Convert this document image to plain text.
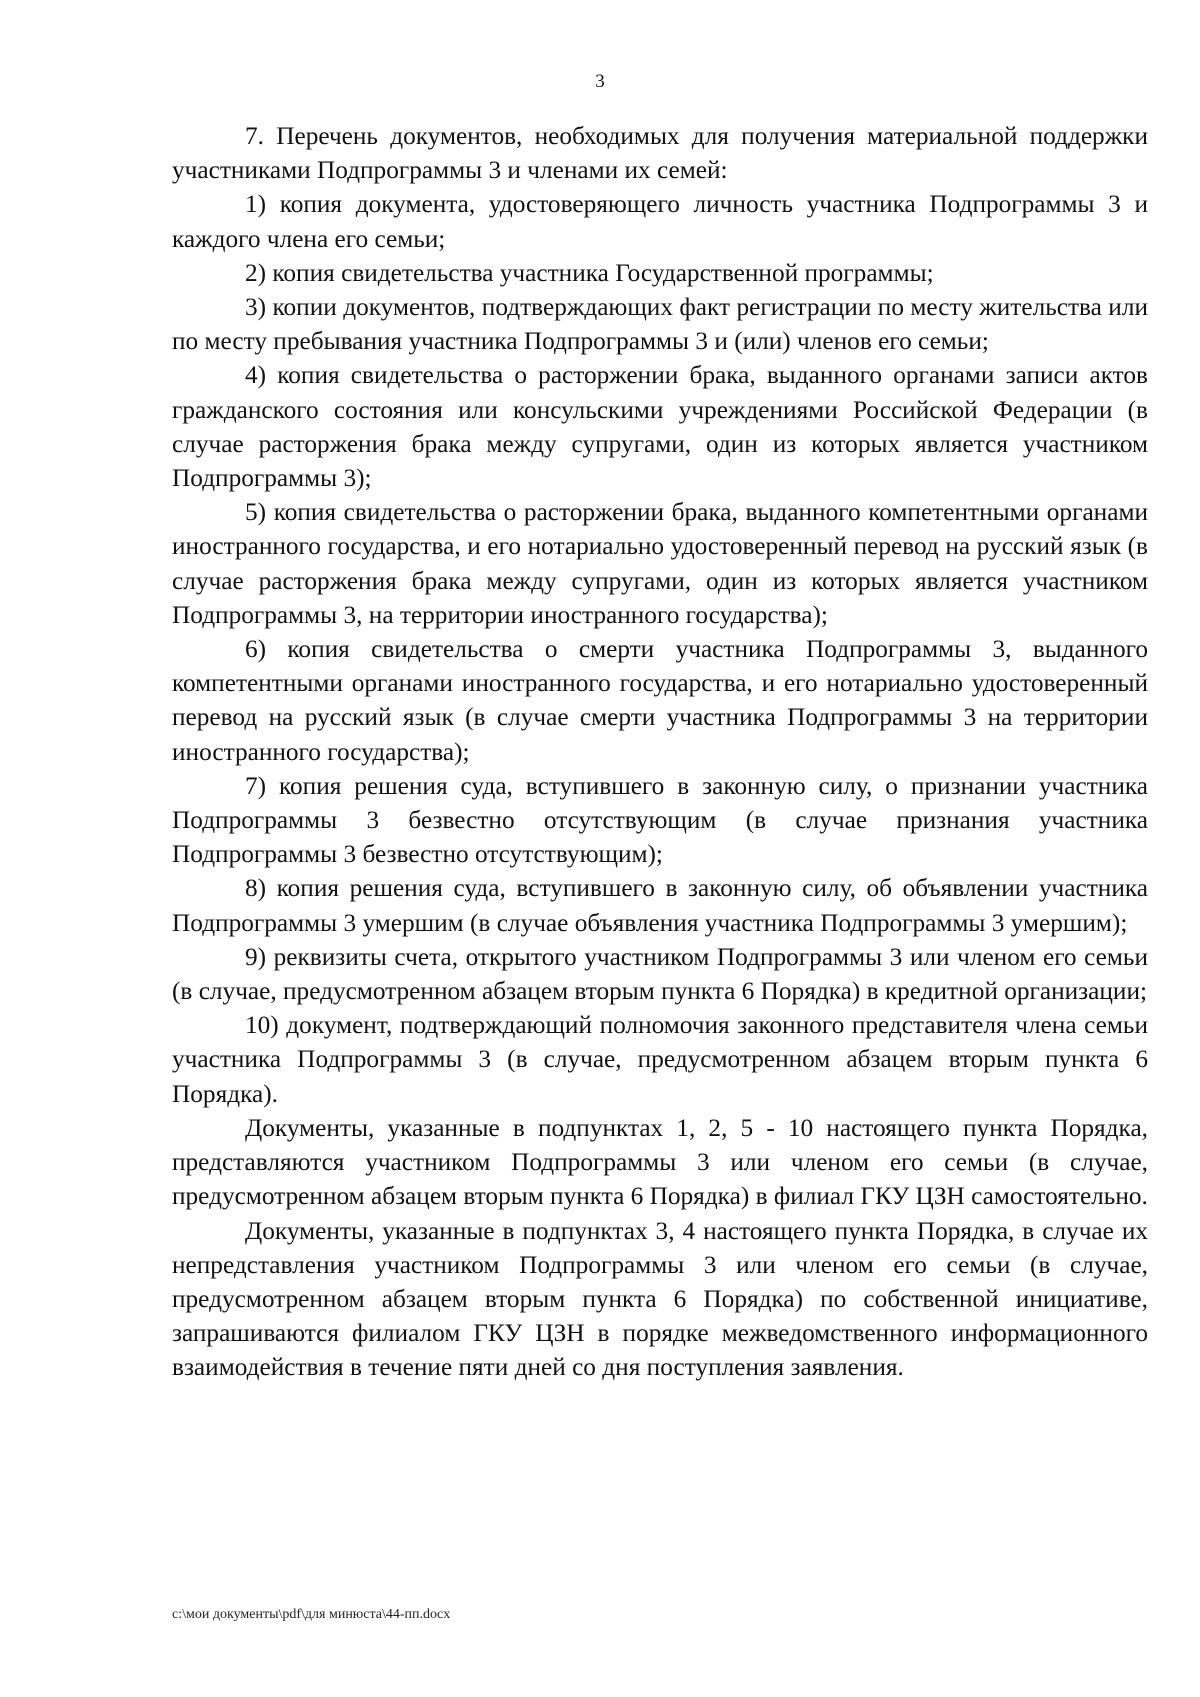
3

7. Перечень документов, необходимых для получения материальной поддержки участниками Подпрограммы 3 и членами их семей:

1) копия документа, удостоверяющего личность участника Подпрограммы 3 и каждого члена его семьи;

2) копия свидетельства участника Государственной программы;

3) копии документов, подтверждающих факт регистрации по месту жительства или по месту пребывания участника Подпрограммы 3 и (или) членов его семьи;

4) копия свидетельства о расторжении брака, выданного органами записи актов гражданского состояния или консульскими учреждениями Российской Федерации (в случае расторжения брака между супругами, один из которых является участником Подпрограммы 3);

5) копия свидетельства о расторжении брака, выданного компетентными органами иностранного государства, и его нотариально удостоверенный перевод на русский язык (в случае расторжения брака между супругами, один из которых является участником Подпрограммы 3, на территории иностранного государства);

6) копия свидетельства о смерти участника Подпрограммы 3, выданного компетентными органами иностранного государства, и его нотариально удостоверенный перевод на русский язык (в случае смерти участника Подпрограммы 3 на территории иностранного государства);

7) копия решения суда, вступившего в законную силу, о признании участника Подпрограммы 3 безвестно отсутствующим (в случае признания участника Подпрограммы 3 безвестно отсутствующим);

8) копия решения суда, вступившего в законную силу, об объявлении участника Подпрограммы 3 умершим (в случае объявления участника Подпрограммы 3 умершим);

9) реквизиты счета, открытого участником Подпрограммы 3 или членом его семьи (в случае, предусмотренном абзацем вторым пункта 6 Порядка) в кредитной организации;

10) документ, подтверждающий полномочия законного представителя члена семьи участника Подпрограммы 3 (в случае, предусмотренном абзацем вторым пункта 6 Порядка).

Документы, указанные в подпунктах 1, 2, 5 - 10 настоящего пункта Порядка, представляются участником Подпрограммы 3 или членом его семьи (в случае, предусмотренном абзацем вторым пункта 6 Порядка) в филиал ГКУ ЦЗН самостоятельно.

Документы, указанные в подпунктах 3, 4 настоящего пункта Порядка, в случае их непредставления участником Подпрограммы 3 или членом его семьи (в случае, предусмотренном абзацем вторым пункта 6 Порядка) по собственной инициативе, запрашиваются филиалом ГКУ ЦЗН в порядке межведомственного информационного взаимодействия в течение пяти дней со дня поступления заявления.

c:\мои документы\pdf\для минюста\44-пп.docx
